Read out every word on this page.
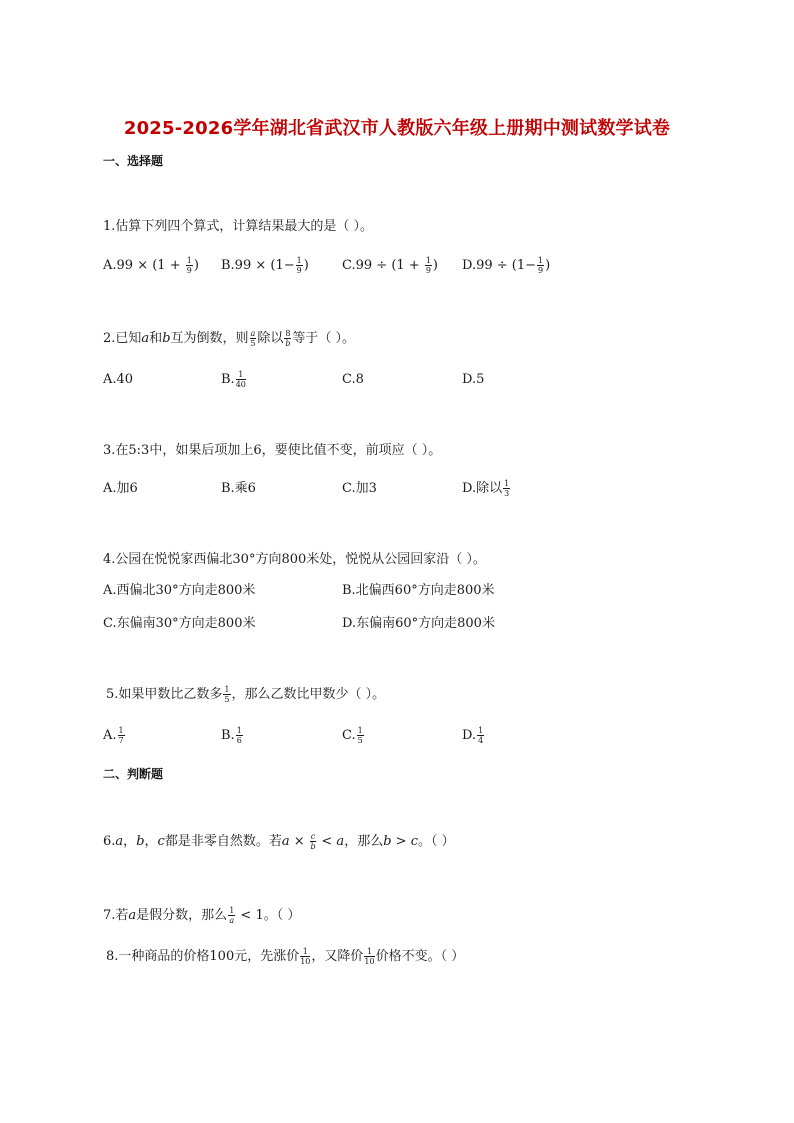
2025-2026学年湖北省武汉市人教版六年级上册期中测试数学试卷
一、选择题
1.估算下列四个算式，计算结果最大的是（ ）。
$A.99 \times (1 + \frac{1}{9}$ ) $B.99 \times (1- \frac{1}{9}$ )	$C.99 \div (1 + \frac{1}{9}$ ) $D.99 \div (1- \frac{1}{9}$ )
2.已知a和b互为倒数，则 $\frac{a}{5}$ 除以 $\frac{8}{b}$ 等于（ ）。
A.40	B. $\frac{1}{40}$	C.8	D.5
3.在5:3中，如果后项加上6，要使比值不变，前项应（ ）。
A.加6	B.乘6	C.加3	D.除以 $\frac{1}{3}$
4.公园在悦悦家西偏北30°方向800米处，悦悦从公园回家沿（ ）。
A.西偏北30°方向走800米	B.北偏西60°方向走800米
C.东偏南30°方向走800米	D.东偏南60°方向走800米
5.如果甲数比乙数多 $\frac{1}{5}$ ，那么乙数比甲数少（ ）。
A. $\frac{1}{7}$	B. $\frac{1}{6}$	C. $\frac{1}{5}$	D. $\frac{1}{4}$
二、判断题
6.a，b，c都是非零自然数。若$a \times \frac{c}{b} < a$，那么b > c。（ ）
7.若a是假分数，那么 $\frac{1}{a} < 1$。（ ）
8.一种商品的价格100元，先涨价 $\frac{1}{10}$ ，又降价 $\frac{1}{10}$ 价格不变。（ ）
